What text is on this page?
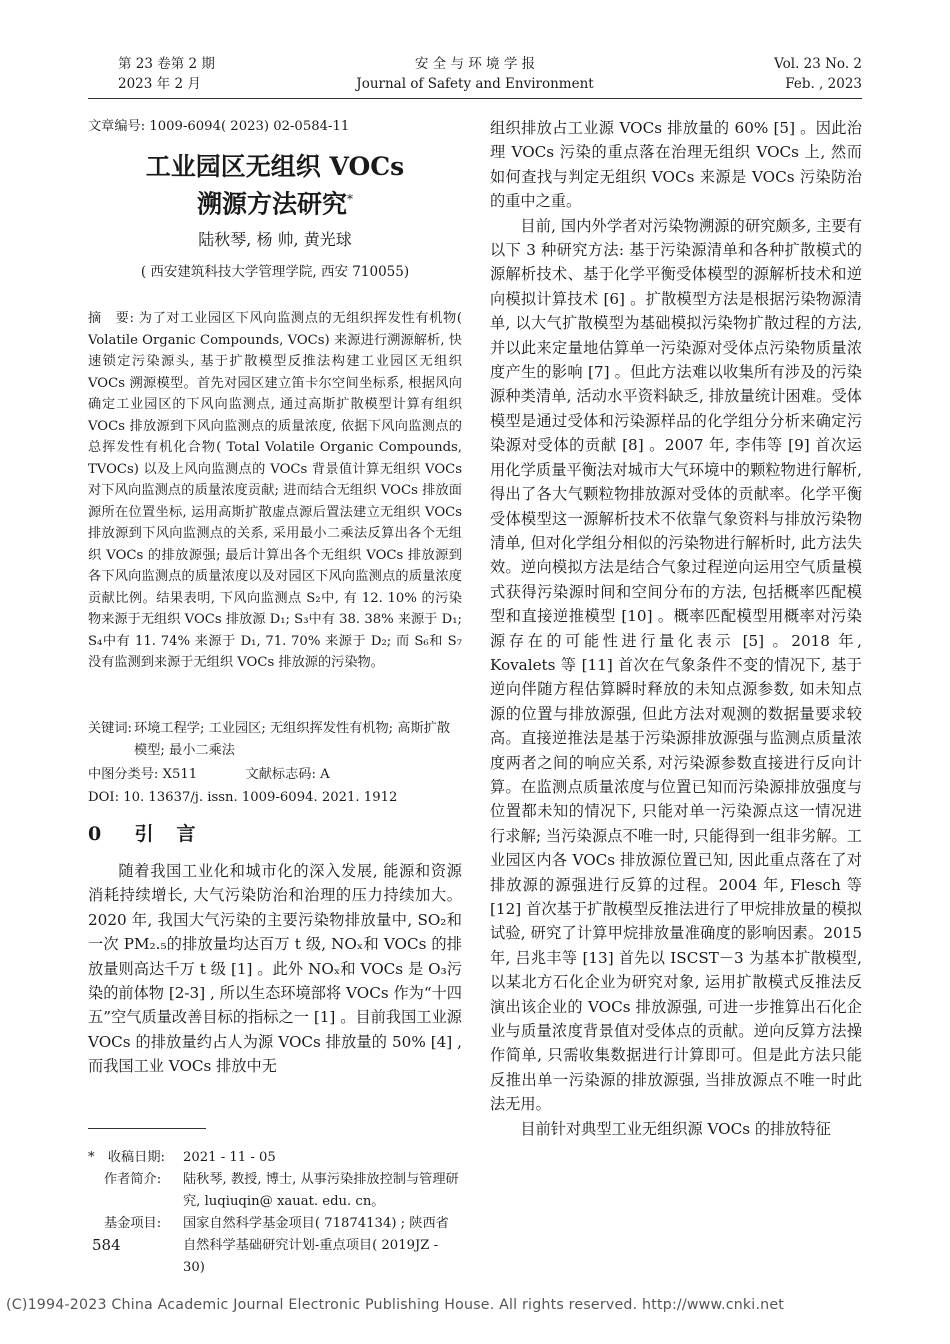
第 23 卷第 2 期
2023 年 2 月
安 全 与 环 境 学 报
Journal of Safety and Environment
Vol. 23 No. 2
Feb. , 2023
文章编号: 1009-6094( 2023) 02-0584-11
工业园区无组织 VOCs
溯源方法研究*
陆秋琴, 杨 帅, 黄光球
( 西安建筑科技大学管理学院, 西安 710055)

摘　要: 为了对工业园区下风向监测点的无组织挥发性有机物( Volatile Organic Compounds, VOCs) 来源进行溯源解析, 快速锁定污染源头, 基于扩散模型反推法构建工业园区无组织 VOCs 溯源模型。首先对园区建立笛卡尔空间坐标系, 根据风向确定工业园区的下风向监测点, 通过高斯扩散模型计算有组织 VOCs 排放源到下风向监测点的质量浓度, 依据下风向监测点的总挥发性有机化合物( Total Volatile Organic Compounds, TVOCs) 以及上风向监测点的 VOCs 背景值计算无组织 VOCs 对下风向监测点的质量浓度贡献; 进而结合无组织 VOCs 排放面源所在位置坐标, 运用高斯扩散虚点源后置法建立无组织 VOCs 排放源到下风向监测点的关系, 采用最小二乘法反算出各个无组织 VOCs 的排放源强; 最后计算出各个无组织 VOCs 排放源到各下风向监测点的质量浓度以及对园区下风向监测点的质量浓度贡献比例。结果表明, 下风向监测点 S₂中, 有 12. 10% 的污染物来源于无组织 VOCs 排放源 D₁; S₃中有 38. 38% 来源于 D₁; S₄中有 11. 74% 来源于 D₁, 71. 70% 来源于 D₂; 而 S₆和 S₇没有监测到来源于无组织 VOCs 排放源的污染物。

关键词: 环境工程学; 工业园区; 无组织挥发性有机物; 高斯扩散模型; 最小二乘法
中图分类号: X511	文献标志码: A
DOI: 10. 13637/j. issn. 1009-6094. 2021. 1912
0 引　言

随着我国工业化和城市化的深入发展, 能源和资源消耗持续增长, 大气污染防治和治理的压力持续加大。2020 年, 我国大气污染的主要污染物排放量中, SO₂和一次 PM₂.₅的排放量均达百万 t 级, NOₓ和 VOCs 的排放量则高达千万 t 级 [1] 。此外 NOₓ和 VOCs 是 O₃污染的前体物 [2-3] , 所以生态环境部将 VOCs 作为“十四五”空气质量改善目标的指标之一 [1] 。目前我国工业源 VOCs 的排放量约占人为源 VOCs 排放量的 50% [4] , 而我国工业 VOCs 排放中无

*　收稿日期:	2021 - 11 - 05
作者简介:	陆秋琴, 教授, 博士, 从事污染排放控制与管理研究, luqiuqin@ xauat. edu. cn。
基金项目:	国家自然科学基金项目( 71874134) ; 陕西省自然科学基础研究计划-重点项目( 2019JZ - 30)

组织排放占工业源 VOCs 排放量的 60% [5] 。因此治理 VOCs 污染的重点落在治理无组织 VOCs 上, 然而如何查找与判定无组织 VOCs 来源是 VOCs 污染防治的重中之重。

目前, 国内外学者对污染物溯源的研究颇多, 主要有以下 3 种研究方法: 基于污染源清单和各种扩散模式的源解析技术、基于化学平衡受体模型的源解析技术和逆向模拟计算技术 [6] 。扩散模型方法是根据污染物源清单, 以大气扩散模型为基础模拟污染物扩散过程的方法, 并以此来定量地估算单一污染源对受体点污染物质量浓度产生的影响 [7] 。但此方法难以收集所有涉及的污染源种类清单, 活动水平资料缺乏, 排放量统计困难。受体模型是通过受体和污染源样品的化学组分分析来确定污染源对受体的贡献 [8] 。2007 年, 李伟等 [9] 首次运用化学质量平衡法对城市大气环境中的颗粒物进行解析, 得出了各大气颗粒物排放源对受体的贡献率。化学平衡受体模型这一源解析技术不依靠气象资料与排放污染物清单, 但对化学组分相似的污染物进行解析时, 此方法失效。逆向模拟方法是结合气象过程逆向运用空气质量模式获得污染源时间和空间分布的方法, 包括概率匹配模型和直接逆推模型 [10] 。概率匹配模型用概率对污染源存在的可能性进行量化表示 [5] 。2018 年, Kovalets 等 [11] 首次在气象条件不变的情况下, 基于逆向伴随方程估算瞬时释放的未知点源参数, 如未知点源的位置与排放源强, 但此方法对观测的数据量要求较高。直接逆推法是基于污染源排放源强与监测点质量浓度两者之间的响应关系, 对污染源参数直接进行反向计算。在监测点质量浓度与位置已知而污染源排放强度与位置都未知的情况下, 只能对单一污染源点这一情况进行求解; 当污染源点不唯一时, 只能得到一组非劣解。工业园区内各 VOCs 排放源位置已知, 因此重点落在了对排放源的源强进行反算的过程。2004 年, Flesch 等 [12] 首次基于扩散模型反推法进行了甲烷排放量的模拟试验, 研究了计算甲烷排放量准确度的影响因素。2015 年, 吕兆丰等 [13] 首先以 ISCST－3 为基本扩散模型, 以某北方石化企业为研究对象, 运用扩散模式反推法反演出该企业的 VOCs 排放源强, 可进一步推算出石化企业与质量浓度背景值对受体点的贡献。逆向反算方法操作简单, 只需收集数据进行计算即可。但是此方法只能反推出单一污染源的排放源强, 当排放源点不唯一时此法无用。

目前针对典型工业无组织源 VOCs 的排放特征

(C)1994-2023 China Academic Journal Electronic Publishing House. All rights reserved. http://www.cnki.net
584
